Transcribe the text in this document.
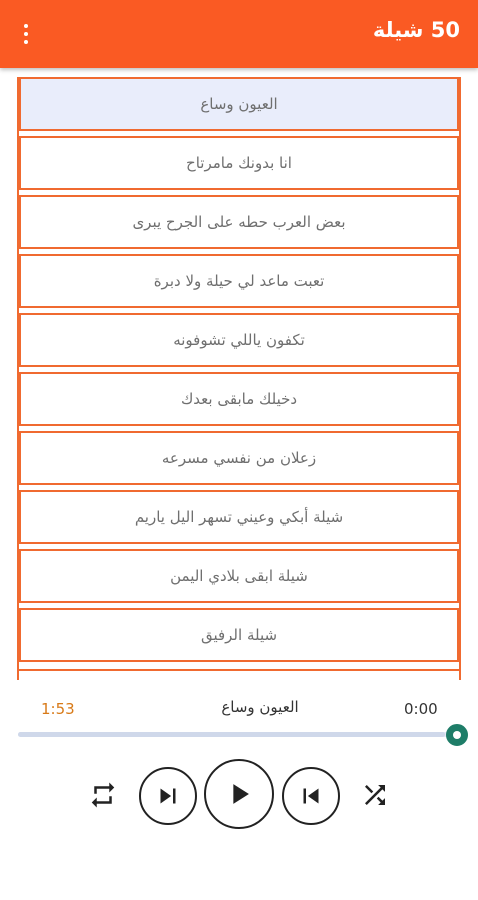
50 شيلة
العيون وساع
انا بدونك مامرتاح
بعض العرب حطه على الجرح يبرى
تعبت ماعد لي حيلة ولا دبرة
تكفون ياللي تشوفونه
دخيلك مابقى بعدك
زعلان من نفسي مسرعه
شيلة أبكي وعيني تسهر اليل ياريم
شيلة ابقى بلادي اليمن
شيلة الرفيق
1:53	العيون وساع	0:00
